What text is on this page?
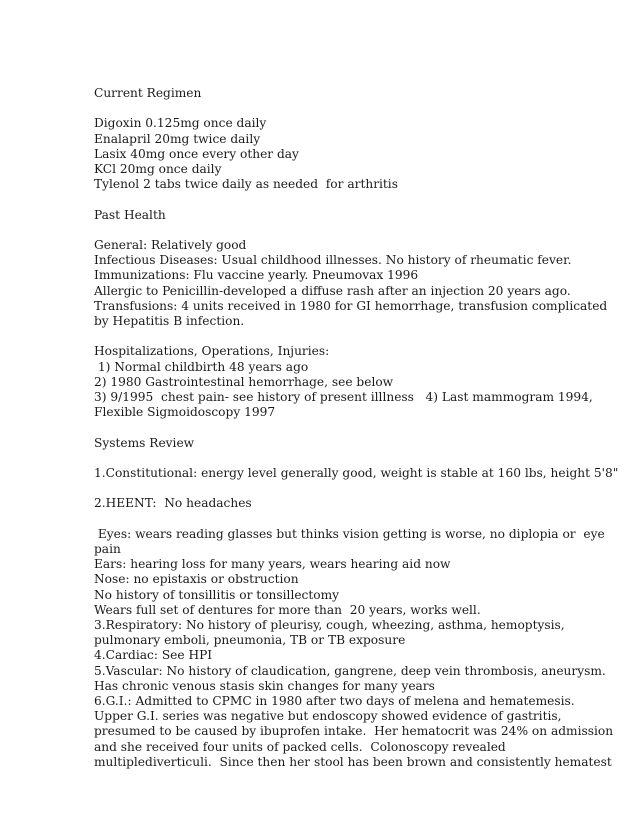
Current Regimen
Digoxin 0.125mg once daily
Enalapril 20mg twice daily
Lasix 40mg once every other day
KCl 20mg once daily
Tylenol 2 tabs twice daily as needed  for arthritis
Past Health
General: Relatively good
Infectious Diseases: Usual childhood illnesses. No history of rheumatic fever.
Immunizations: Flu vaccine yearly. Pneumovax 1996
Allergic to Penicillin-developed a diffuse rash after an injection 20 years ago.
Transfusions: 4 units received in 1980 for GI hemorrhage, transfusion complicated
by Hepatitis B infection.
Hospitalizations, Operations, Injuries:
1) Normal childbirth 48 years ago
2) 1980 Gastrointestinal hemorrhage, see below
3) 9/1995  chest pain- see history of present illlness   4) Last mammogram 1994,
Flexible Sigmoidoscopy 1997
Systems Review
1.Constitutional: energy level generally good, weight is stable at 160 lbs, height 5'8"
2.HEENT:  No headaches
Eyes: wears reading glasses but thinks vision getting is worse, no diplopia or  eye
pain
Ears: hearing loss for many years, wears hearing aid now
Nose: no epistaxis or obstruction
No history of tonsillitis or tonsillectomy
Wears full set of dentures for more than  20 years, works well.
3.Respiratory: No history of pleurisy, cough, wheezing, asthma, hemoptysis,
pulmonary emboli, pneumonia, TB or TB exposure
4.Cardiac: See HPI
5.Vascular: No history of claudication, gangrene, deep vein thrombosis, aneurysm.
Has chronic venous stasis skin changes for many years
6.G.I.: Admitted to CPMC in 1980 after two days of melena and hematemesis.
Upper G.I. series was negative but endoscopy showed evidence of gastritis,
presumed to be caused by ibuprofen intake.  Her hematocrit was 24% on admission
and she received four units of packed cells.  Colonoscopy revealed
multiplediverticuli.  Since then her stool has been brown and consistently hematest
